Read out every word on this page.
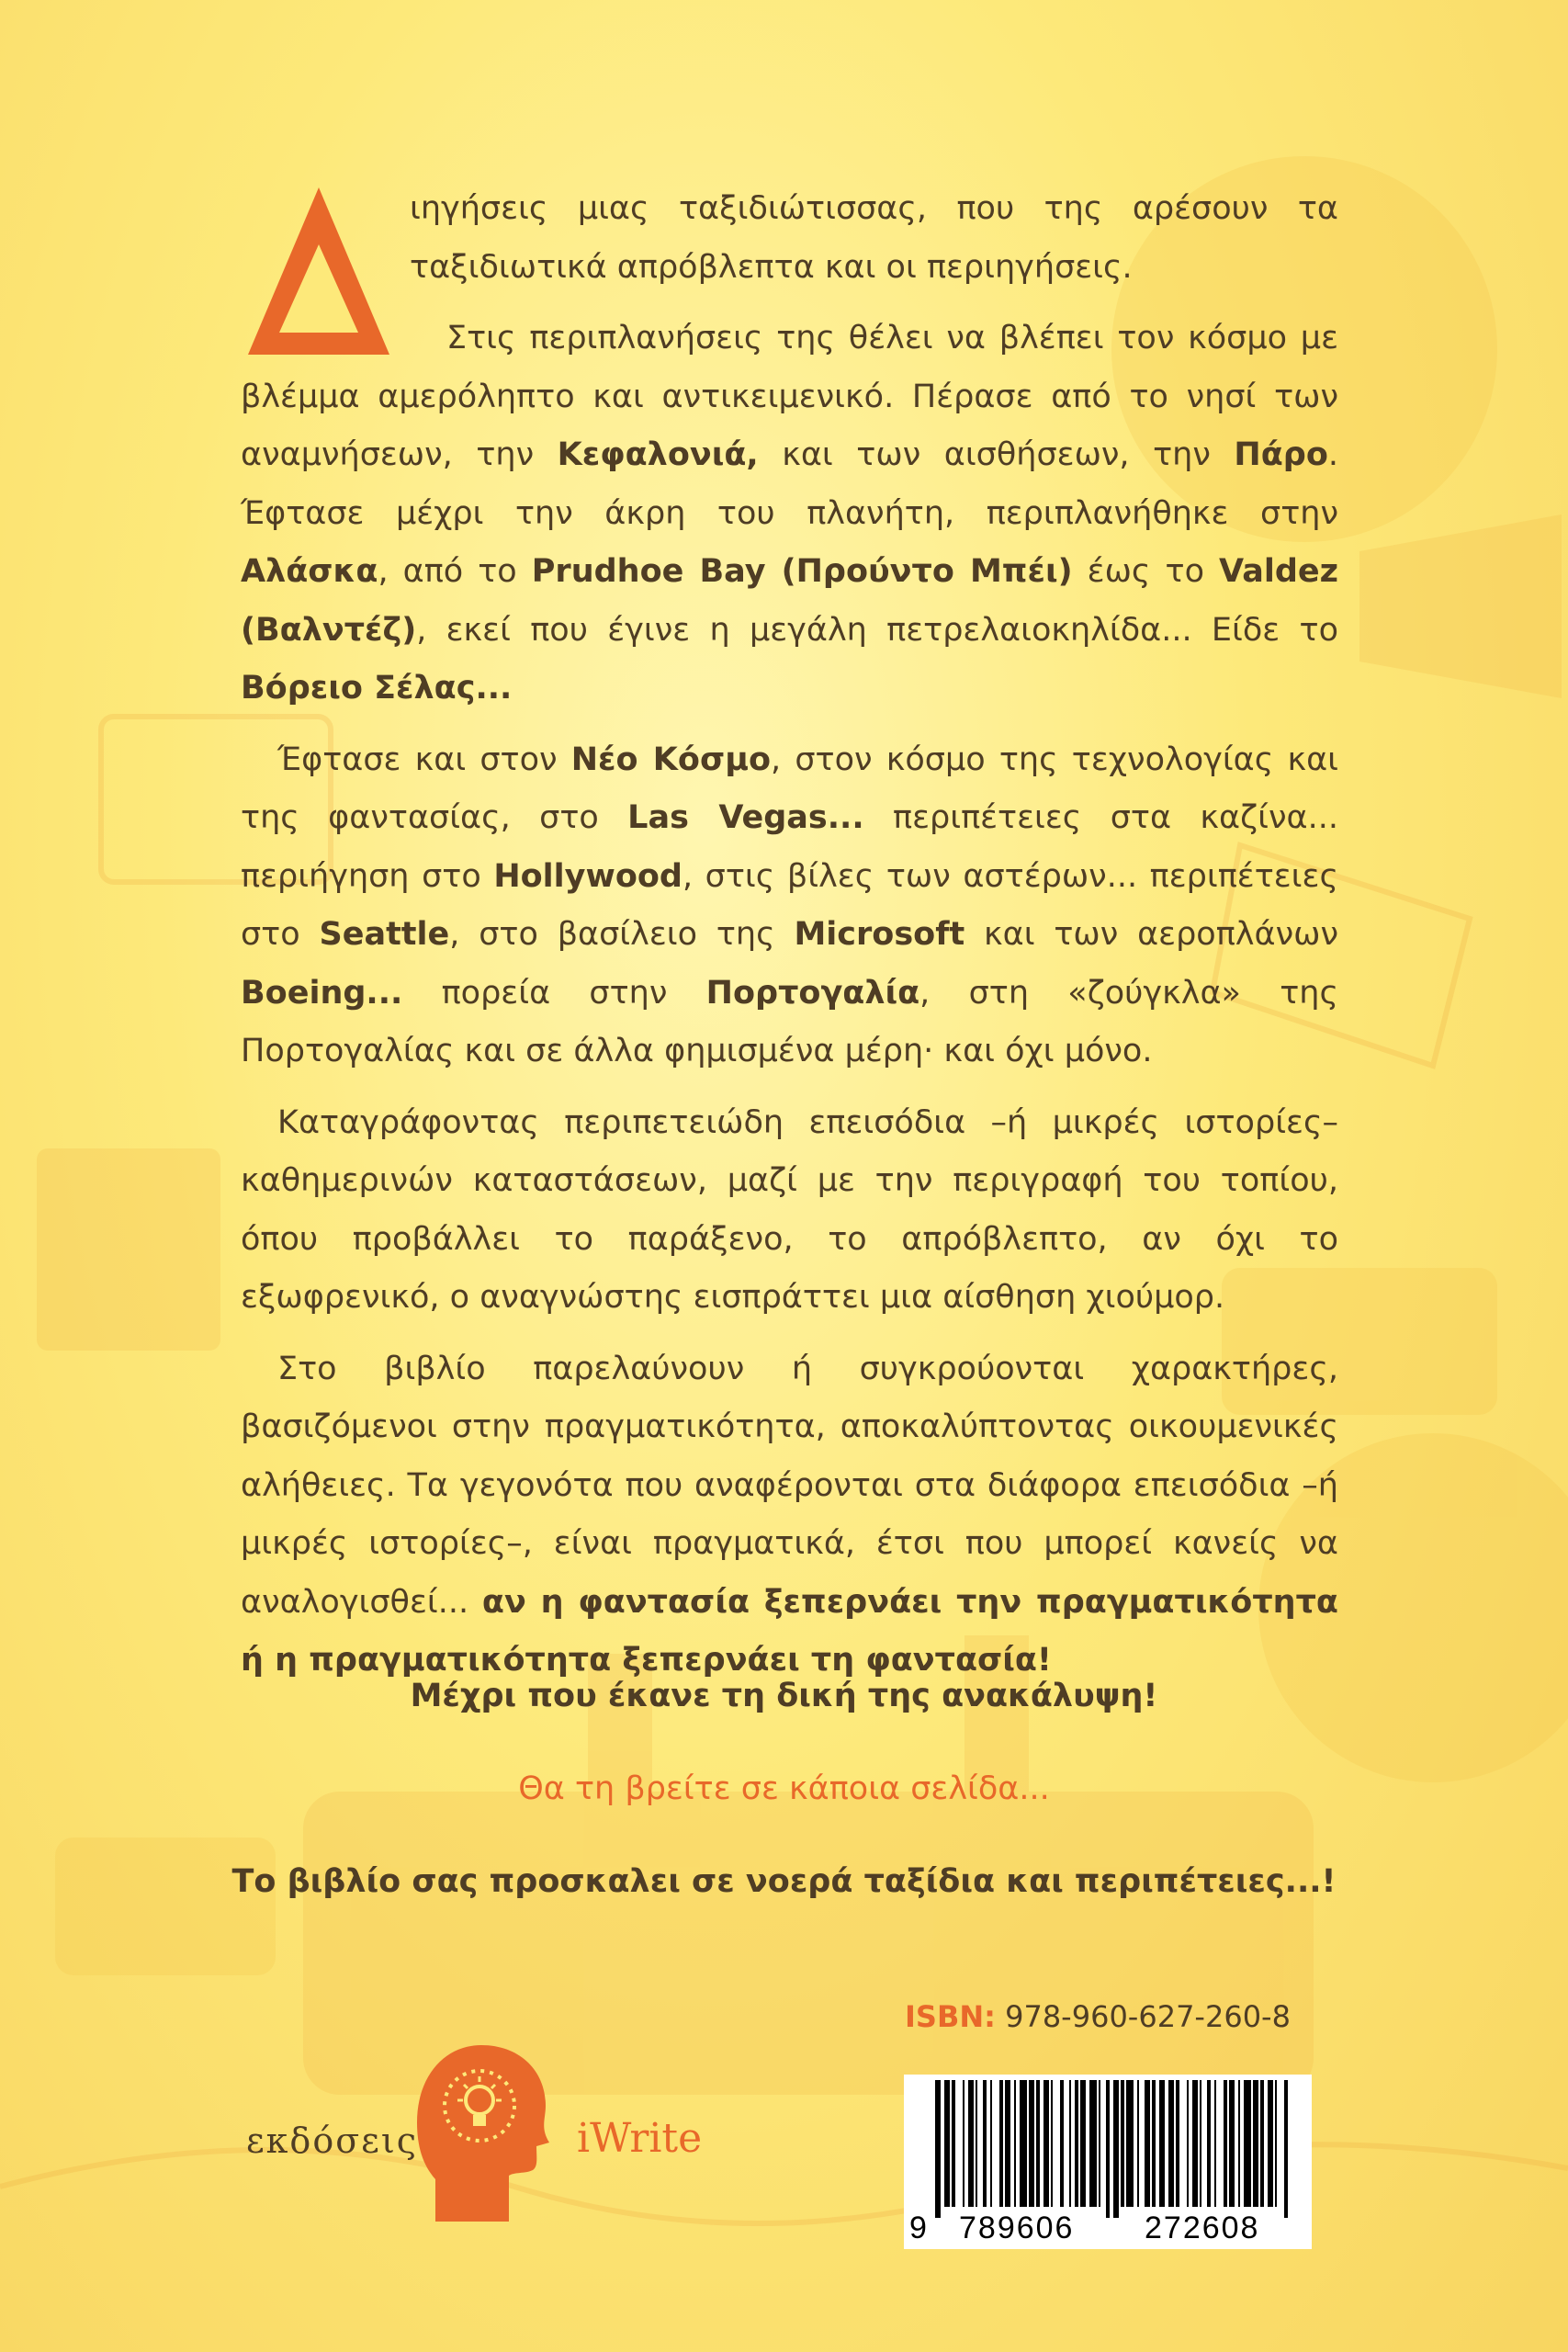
ιηγήσεις μιας ταξιδιώτισσας, που της αρέσουν τα ταξιδιωτικά απρόβλεπτα και οι περιηγήσεις.

Στις περιπλανήσεις της θέλει να βλέπει τον κόσμο με βλέμμα αμερόληπτο και αντικειμενικό. Πέρασε από το νησί των αναμνήσεων, την Κεφαλονιά, και των αισθήσεων, την Πάρο. Έφτασε μέχρι την άκρη του πλανήτη, περιπλανήθηκε στην Αλάσκα, από το Prudhoe Bay (Προύντο Μπέι) έως το Valdez (Βαλντέζ), εκεί που έγινε η μεγάλη πετρελαιοκηλίδα... Είδε το Βόρειο Σέλας...

Έφτασε και στον Νέο Κόσμο, στον κόσμο της τεχνολογίας και της φαντασίας, στο Las Vegas... περιπέτειες στα καζίνα... περιήγηση στο Hollywood, στις βίλες των αστέρων... περιπέτειες στο Seattle, στο βασίλειο της Microsoft και των αεροπλάνων Boeing... πορεία στην Πορτογαλία, στη «ζούγκλα» της Πορτογαλίας και σε άλλα φημισμένα μέρη· και όχι μόνο.

Καταγράφοντας περιπετειώδη επεισόδια –ή μικρές ιστορίες– καθημερινών καταστάσεων, μαζί με την περιγραφή του τοπίου, όπου προβάλλει το παράξενο, το απρόβλεπτο, αν όχι το εξωφρενικό, ο αναγνώστης εισπράττει μια αίσθηση χιούμορ.

Στο βιβλίο παρελαύνουν ή συγκρούονται χαρακτήρες, βασιζόμενοι στην πραγματικότητα, αποκαλύπτοντας οικουμενικές αλήθειες. Τα γεγονότα που αναφέρονται στα διάφορα επεισόδια –ή μικρές ιστορίες–, είναι πραγματικά, έτσι που μπορεί κανείς να αναλογισθεί... αν η φαντασία ξεπερνάει την πραγματικότητα ή η πραγματικότητα ξεπερνάει τη φαντασία!

Μέχρι που έκανε τη δική της ανακάλυψη!
Θα τη βρείτε σε κάποια σελίδα...
Το βιβλίο σας προσκαλει σε νοερά ταξίδια και περιπέτειες...!
ISBN: 978-960-627-260-8
9 789606 272608
εκδόσεις	iWrite
